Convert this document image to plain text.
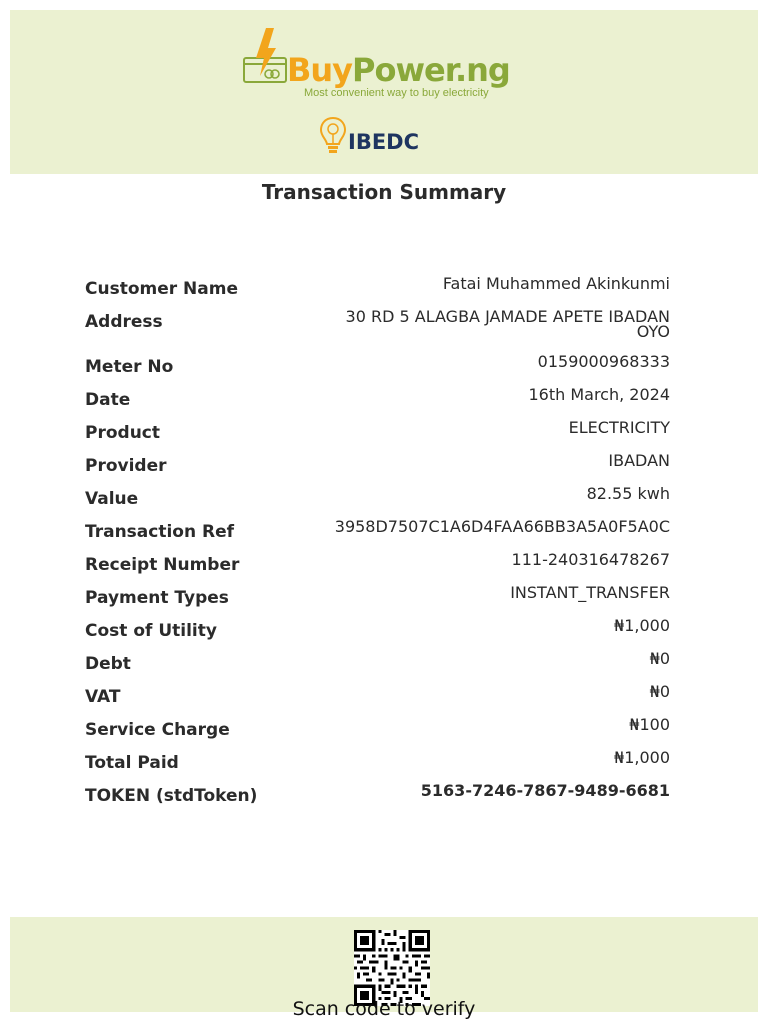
BuyPower.ng
Most convenient way to buy electricity
IBEDC
Transaction Summary
Customer Name	Fatai Muhammed Akinkunmi
Address	30 RD 5 ALAGBA JAMADE APETE IBADAN OYO
Meter No	0159000968333
Date	16th March, 2024
Product	ELECTRICITY
Provider	IBADAN
Value	82.55 kwh
Transaction Ref	3958D7507C1A6D4FAA66BB3A5A0F5A0C
Receipt Number	111-240316478267
Payment Types	INSTANT_TRANSFER
Cost of Utility	₦1,000
Debt	₦0
VAT	₦0
Service Charge	₦100
Total Paid	₦1,000
TOKEN (stdToken)	5163-7246-7867-9489-6681
Scan code to verify
